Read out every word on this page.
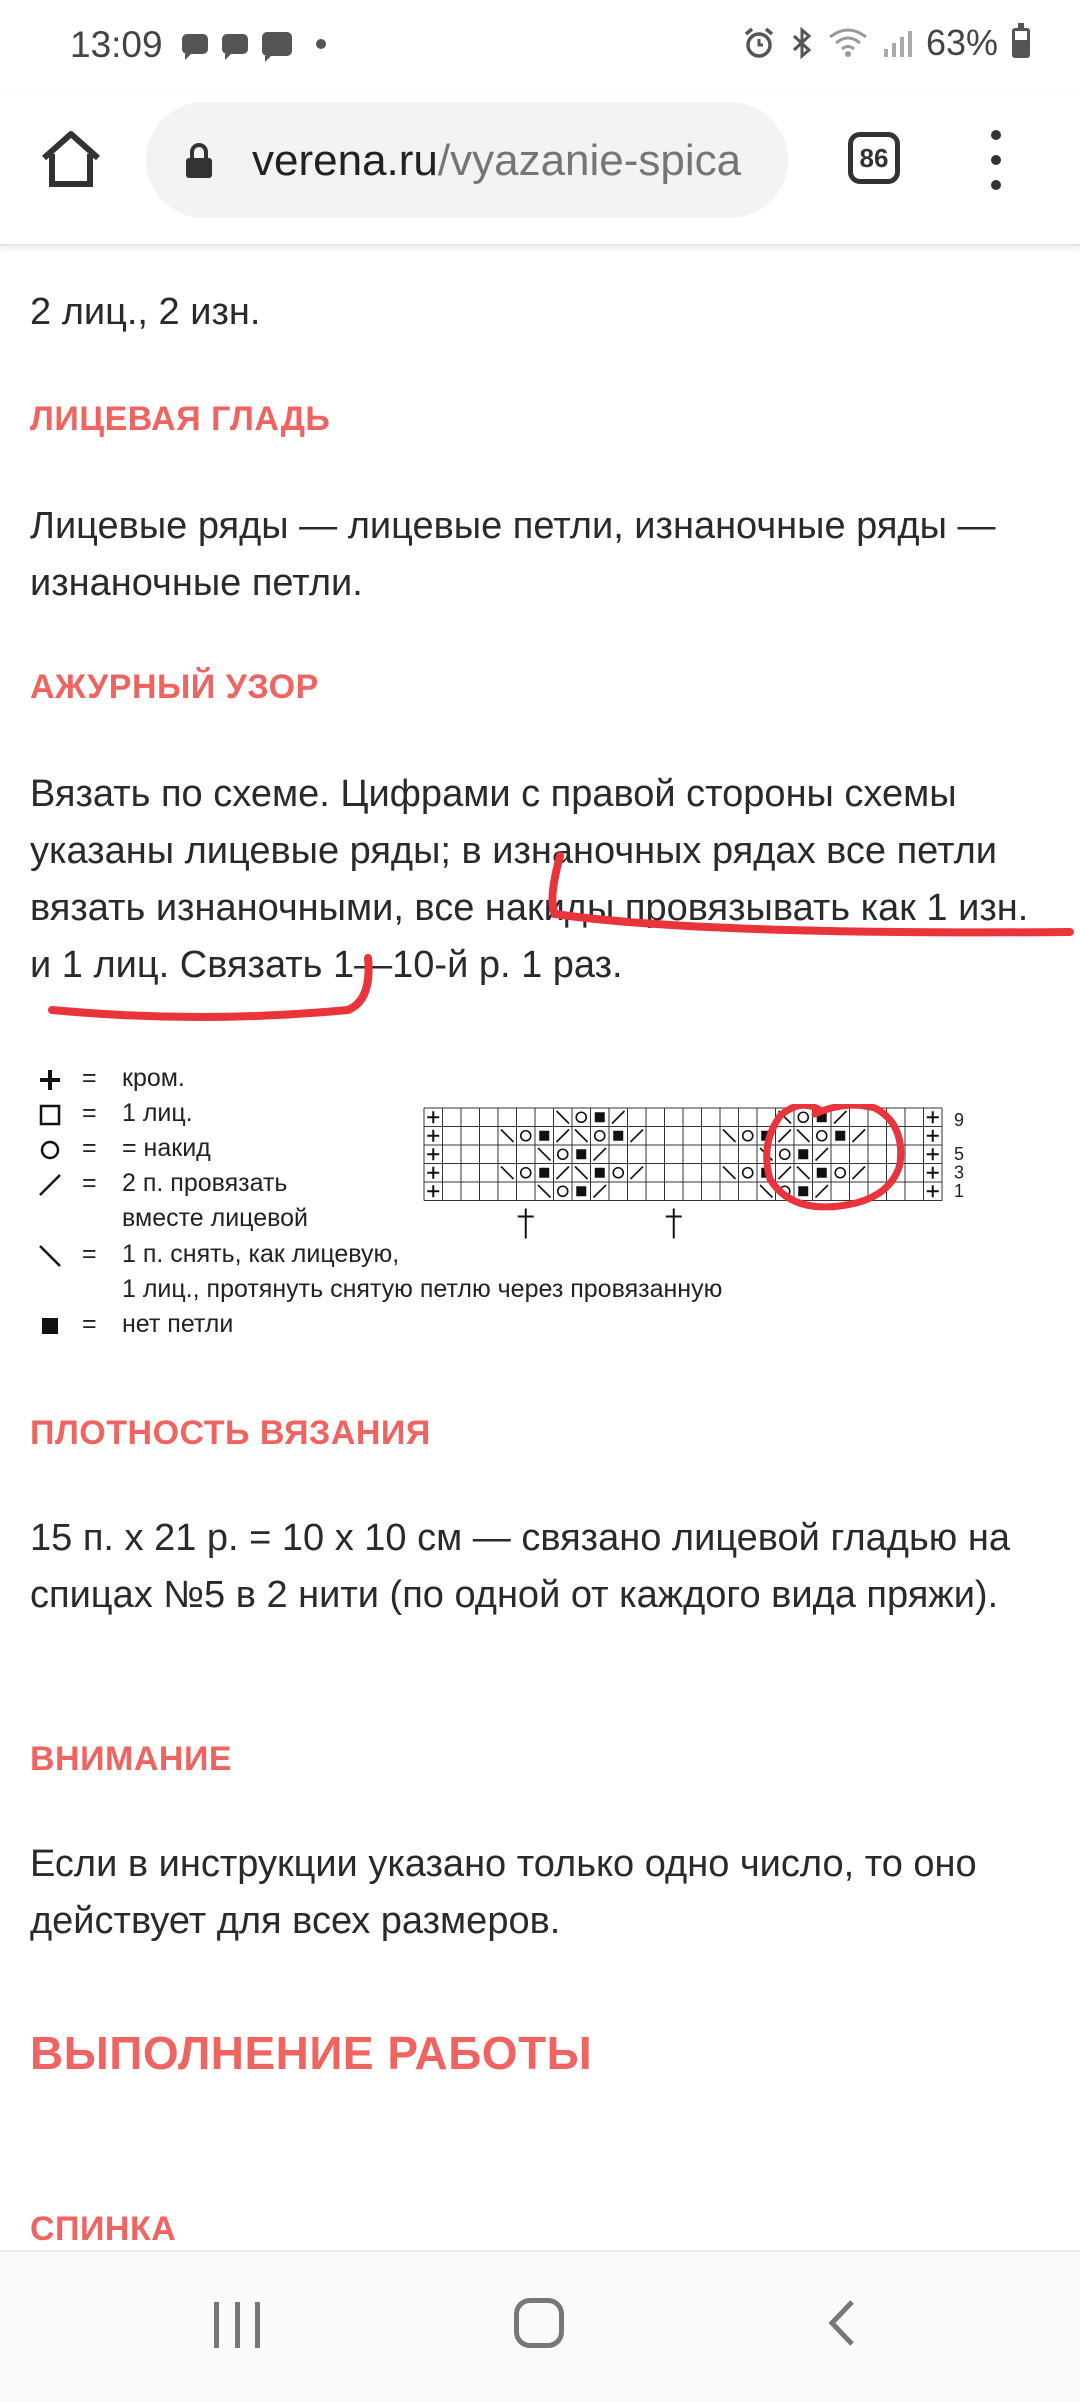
13:09	63%
verena.ru/vyazanie-spica	86

2 лиц., 2 изн.

ЛИЦЕВАЯ ГЛАДЬ

Лицевые ряды — лицевые петли, изнаночные ряды — изнаночные петли.

АЖУРНЫЙ УЗОР

Вязать по схеме. Цифрами с правой стороны схемы указаны лицевые ряды; в изнаночных рядах все петли вязать изнаночными, все накиды провязывать как 1 изн. и 1 лиц. Связать 1—10-й р. 1 раз.

ПЛОТНОСТЬ ВЯЗАНИЯ

15 п. х 21 р. = 10 х 10 см — связано лицевой гладью на спицах №5 в 2 нити (по одной от каждого вида пряжи).

ВНИМАНИЕ

Если в инструкции указано только одно число, то оно действует для всех размеров.

ВЫПОЛНЕНИЕ РАБОТЫ
СПИНКА
= кром.
= 1 лиц.
= = накид
= 2 п. провязать
вместе лицевой
= 1 п. снять, как лицевую,
1 лиц., протянуть снятую петлю через провязанную
= нет петли
9
5
3
1
